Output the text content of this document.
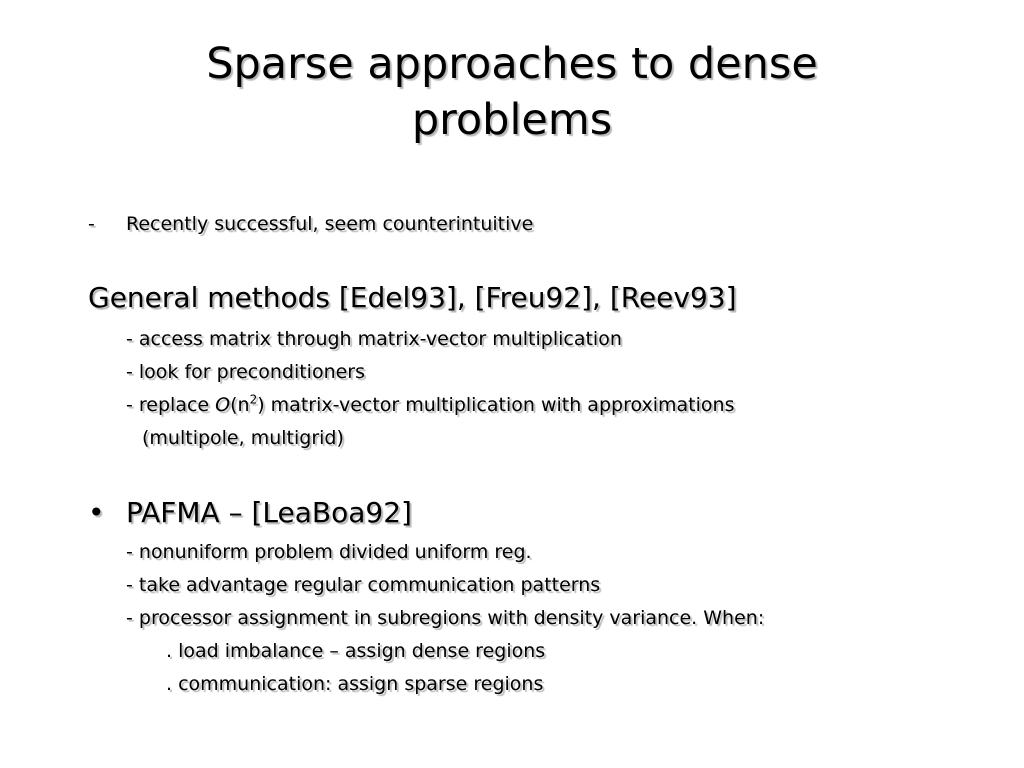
Sparse approaches to dense
problems
- Recently successful, seem counterintuitive
General methods [Edel93], [Freu92], [Reev93]
- access matrix through matrix-vector multiplication
- look for preconditioners
- replace $O(n^2)$ matrix-vector multiplication with approximations
(multipole, multigrid)
• PAFMA – [LeaBoa92]
- nonuniform problem divided uniform reg.
- take advantage regular communication patterns
- processor assignment in subregions with density variance. When:
. load imbalance – assign dense regions
. communication: assign sparse regions
